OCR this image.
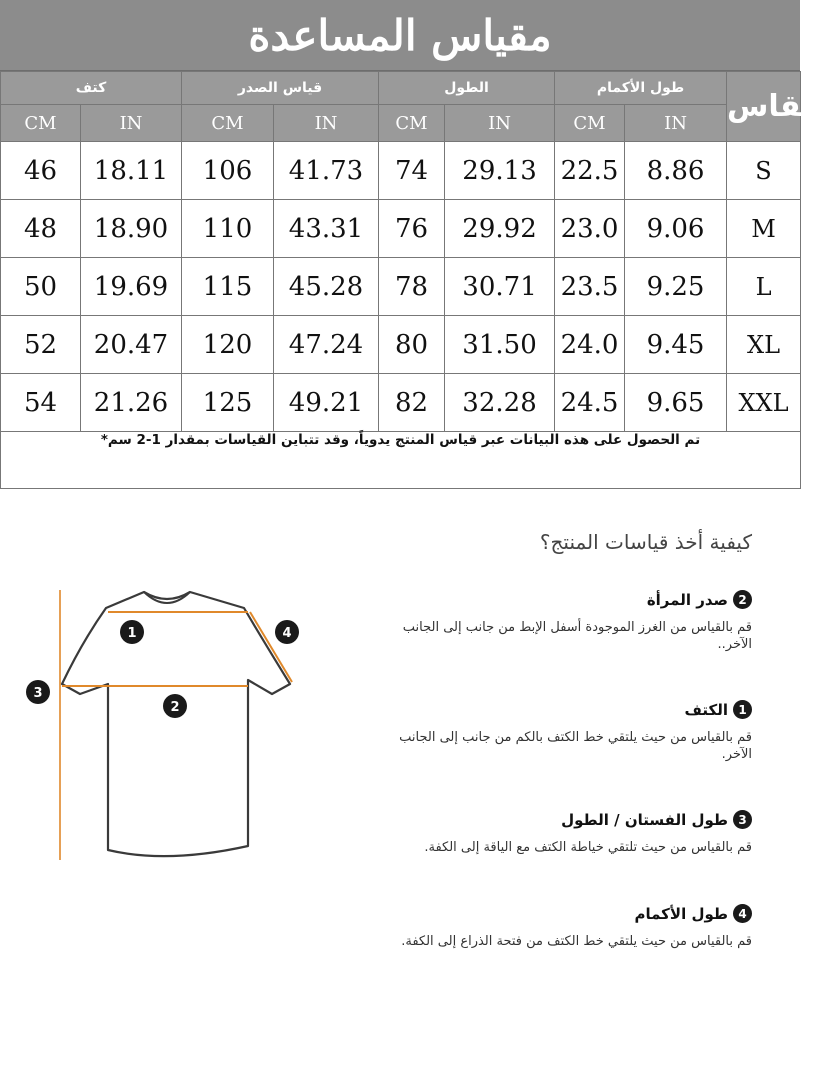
مقياس المساعدة
كتف		قياس الصدر		الطول		طول الأكمام		مقاس
CM	IN	CM	IN	CM	IN	CM	IN	
46	18.11	106	41.73	74	29.13	22.5	8.86	S
48	18.90	110	43.31	76	29.92	23.0	9.06	M
50	19.69	115	45.28	78	30.71	23.5	9.25	L
52	20.47	120	47.24	80	31.50	24.0	9.45	XL
54	21.26	125	49.21	82	32.28	24.5	9.65	XXL
تم الحصول على هذه البيانات عبر قياس المنتج يدوياً، وقد تتباين القياسات بمقدار 1-2 سم*								
كيفية أخذ قياسات المنتج؟
1
2
3
4
2
صدر المرأة
قم بالقياس من الغرز الموجودة أسفل الإبط من جانب إلى الجانب الآخر..
1
الكتف
قم بالقياس من حيث يلتقي خط الكتف بالكم من جانب إلى الجانب الآخر.
3
طول الفستان / الطول
قم بالقياس من حيث تلتقي خياطة الكتف مع الياقة إلى الكفة.
4
طول الأكمام
قم بالقياس من حيث يلتقي خط الكتف من فتحة الذراع إلى الكفة.
